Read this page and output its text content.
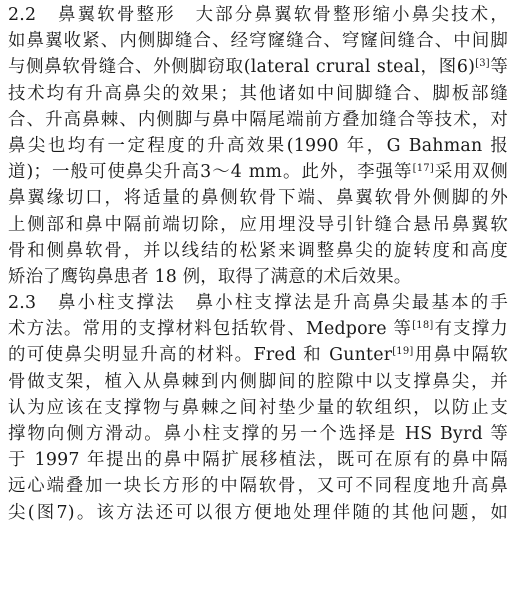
2.2　鼻翼软骨整形　大部分鼻翼软骨整形缩小鼻尖技术，
如鼻翼收紧、内侧脚缝合、经穹窿缝合、穹窿间缝合、中间脚
与侧鼻软骨缝合、外侧脚窃取(lateral crural steal，图6)[3]等
技术均有升高鼻尖的效果；其他诸如中间脚缝合、脚板部缝
合、升高鼻棘、内侧脚与鼻中隔尾端前方叠加缝合等技术，对
鼻尖也均有一定程度的升高效果(1990 年，G Bahman 报
道)；一般可使鼻尖升高3～4 mm。此外，李强等[17]采用双侧
鼻翼缘切口，将适量的鼻侧软骨下端、鼻翼软骨外侧脚的外
上侧部和鼻中隔前端切除，应用埋没导引针缝合悬吊鼻翼软
骨和侧鼻软骨，并以线结的松紧来调整鼻尖的旋转度和高度
矫治了鹰钩鼻患者 18 例，取得了满意的术后效果。
2.3　鼻小柱支撑法　鼻小柱支撑法是升高鼻尖最基本的手
术方法。常用的支撑材料包括软骨、Medpore 等[18]有支撑力
的可使鼻尖明显升高的材料。Fred 和 Gunter[19]用鼻中隔软
骨做支架，植入从鼻棘到内侧脚间的腔隙中以支撑鼻尖，并
认为应该在支撑物与鼻棘之间衬垫少量的软组织，以防止支
撑物向侧方滑动。鼻小柱支撑的另一个选择是 HS Byrd 等
于 1997 年提出的鼻中隔扩展移植法，既可在原有的鼻中隔
远心端叠加一块长方形的中隔软骨，又可不同程度地升高鼻
尖(图7)。该方法还可以很方便地处理伴随的其他问题，如
